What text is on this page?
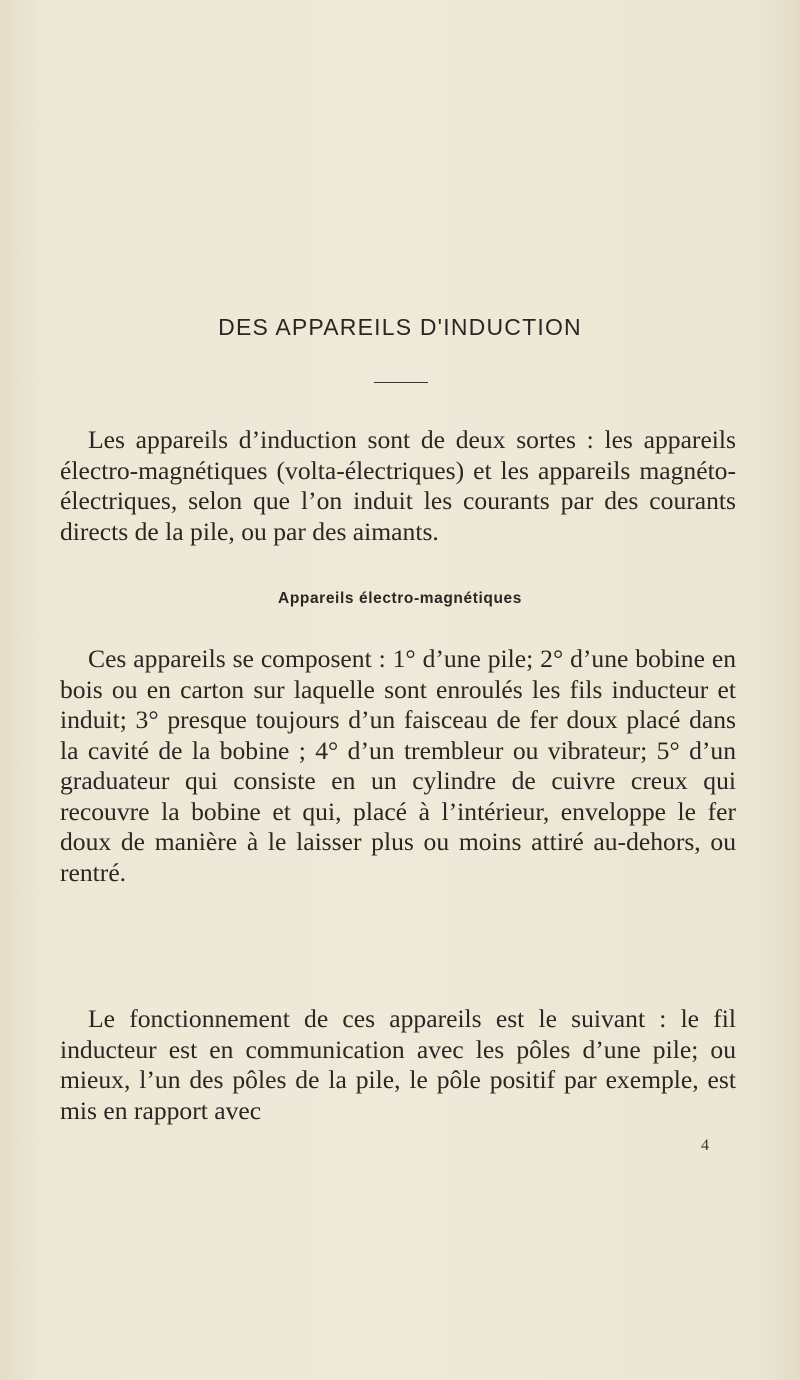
DES APPAREILS D'INDUCTION

Les appareils d’induction sont de deux sortes : les appareils électro-magnétiques (volta-électriques) et les appareils magnéto-électriques, selon que l’on induit les courants par des courants directs de la pile, ou par des aimants.

Appareils électro-magnétiques

Ces appareils se composent : 1° d’une pile; 2° d’une bobine en bois ou en carton sur laquelle sont enroulés les fils inducteur et induit; 3° presque toujours d’un faisceau de fer doux placé dans la cavité de la bobine ; 4° d’un trembleur ou vibrateur; 5° d’un graduateur qui consiste en un cylindre de cuivre creux qui recouvre la bobine et qui, placé à l’intérieur, enveloppe le fer doux de manière à le laisser plus ou moins attiré au-dehors, ou rentré.

Le fonctionnement de ces appareils est le suivant : le fil inducteur est en communication avec les pôles d’une pile; ou mieux, l’un des pôles de la pile, le pôle positif par exemple, est mis en rapport avec

4
